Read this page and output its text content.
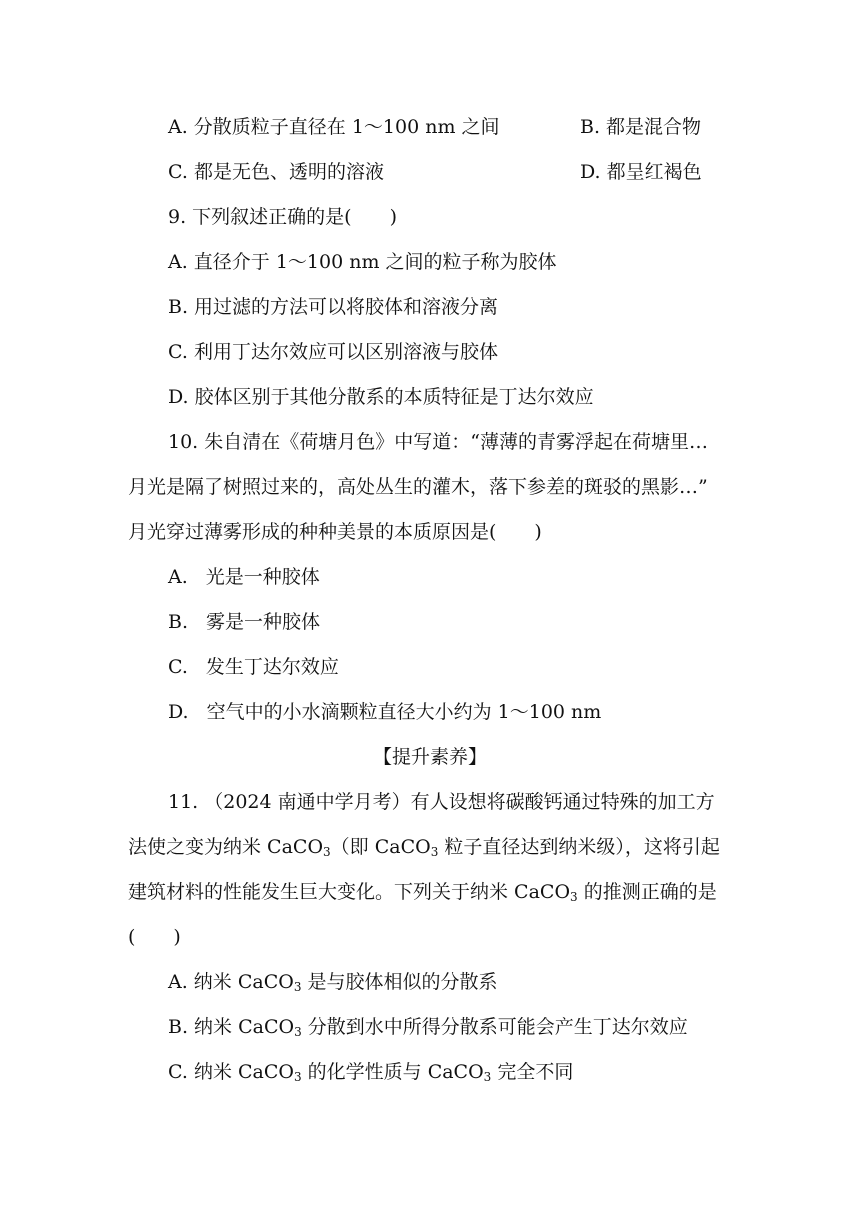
A. 分散质粒子直径在 1～100 nm 之间	B. 都是混合物
C. 都是无色、透明的溶液	D. 都呈红褐色
9. 下列叙述正确的是(　　)
A. 直径介于 1～100 nm 之间的粒子称为胶体
B. 用过滤的方法可以将胶体和溶液分离
C. 利用丁达尔效应可以区别溶液与胶体
D. 胶体区别于其他分散系的本质特征是丁达尔效应
10. 朱自清在《荷塘月色》中写道：“薄薄的青雾浮起在荷塘里…
月光是隔了树照过来的，高处丛生的灌木，落下参差的斑驳的黑影…”
月光穿过薄雾形成的种种美景的本质原因是(　　)
A. 光是一种胶体
B. 雾是一种胶体
C. 发生丁达尔效应
D. 空气中的小水滴颗粒直径大小约为 1～100 nm
【提升素养】
11. （2024 南通中学月考）有人设想将碳酸钙通过特殊的加工方
法使之变为纳米 CaCO$_3$（即 CaCO$_3$ 粒子直径达到纳米级），这将引起
建筑材料的性能发生巨大变化。下列关于纳米 CaCO$_3$ 的推测正确的是
(　　)
A. 纳米 CaCO$_3$ 是与胶体相似的分散系
B. 纳米 CaCO$_3$ 分散到水中所得分散系可能会产生丁达尔效应
C. 纳米 CaCO$_3$ 的化学性质与 CaCO$_3$ 完全不同
